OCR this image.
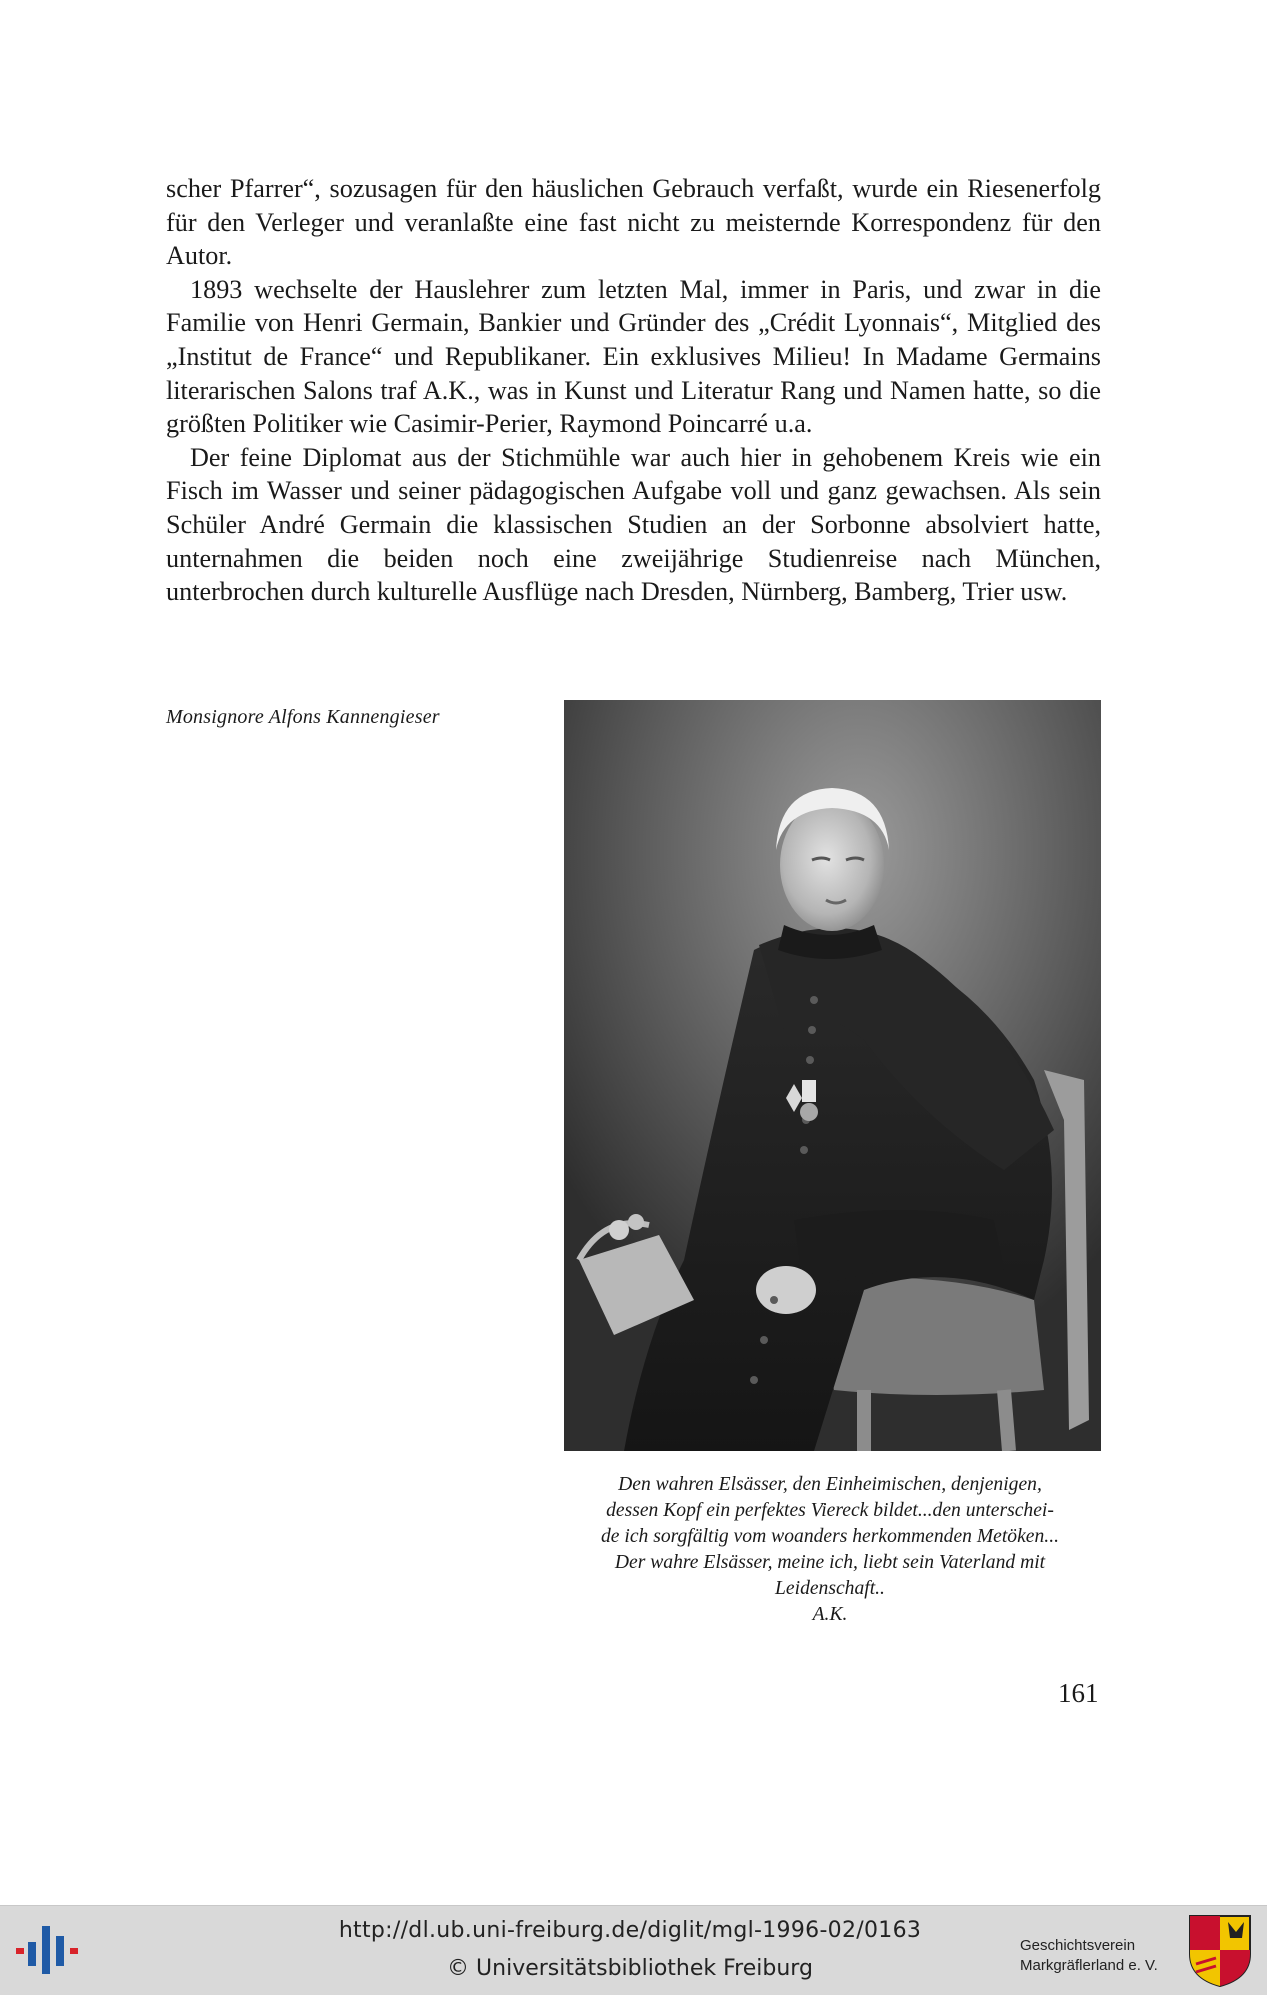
scher Pfarrer“, sozusagen für den häuslichen Gebrauch verfaßt, wurde ein Riesenerfolg für den Verleger und veranlaßte eine fast nicht zu meisternde Korrespondenz für den Autor.

1893 wechselte der Hauslehrer zum letzten Mal, immer in Paris, und zwar in die Familie von Henri Germain, Bankier und Gründer des „Crédit Lyonnais“, Mitglied des „Institut de France“ und Republikaner. Ein exklusives Milieu! In Madame Germains literarischen Salons traf A.K., was in Kunst und Literatur Rang und Namen hatte, so die größten Politiker wie Casimir-Perier, Raymond Poincarré u.a.

Der feine Diplomat aus der Stichmühle war auch hier in gehobenem Kreis wie ein Fisch im Wasser und seiner pädagogischen Aufgabe voll und ganz gewachsen. Als sein Schüler André Germain die klassischen Studien an der Sorbonne absolviert hatte, unternahmen die beiden noch eine zweijährige Studienreise nach München, unterbrochen durch kulturelle Ausflüge nach Dresden, Nürnberg, Bamberg, Trier usw.

Monsignore Alfons Kannengieser
Den wahren Elsässer, den Einheimischen, denjenigen,
dessen Kopf ein perfektes Viereck bildet...den unterschei-
de ich sorgfältig vom woanders herkommenden Metöken...
Der wahre Elsässer, meine ich, liebt sein Vaterland mit
Leidenschaft..
A.K.
161
http://dl.ub.uni-freiburg.de/diglit/mgl-1996-02/0163
© Universitätsbibliothek Freiburg
Geschichtsverein
Markgräflerland e. V.
